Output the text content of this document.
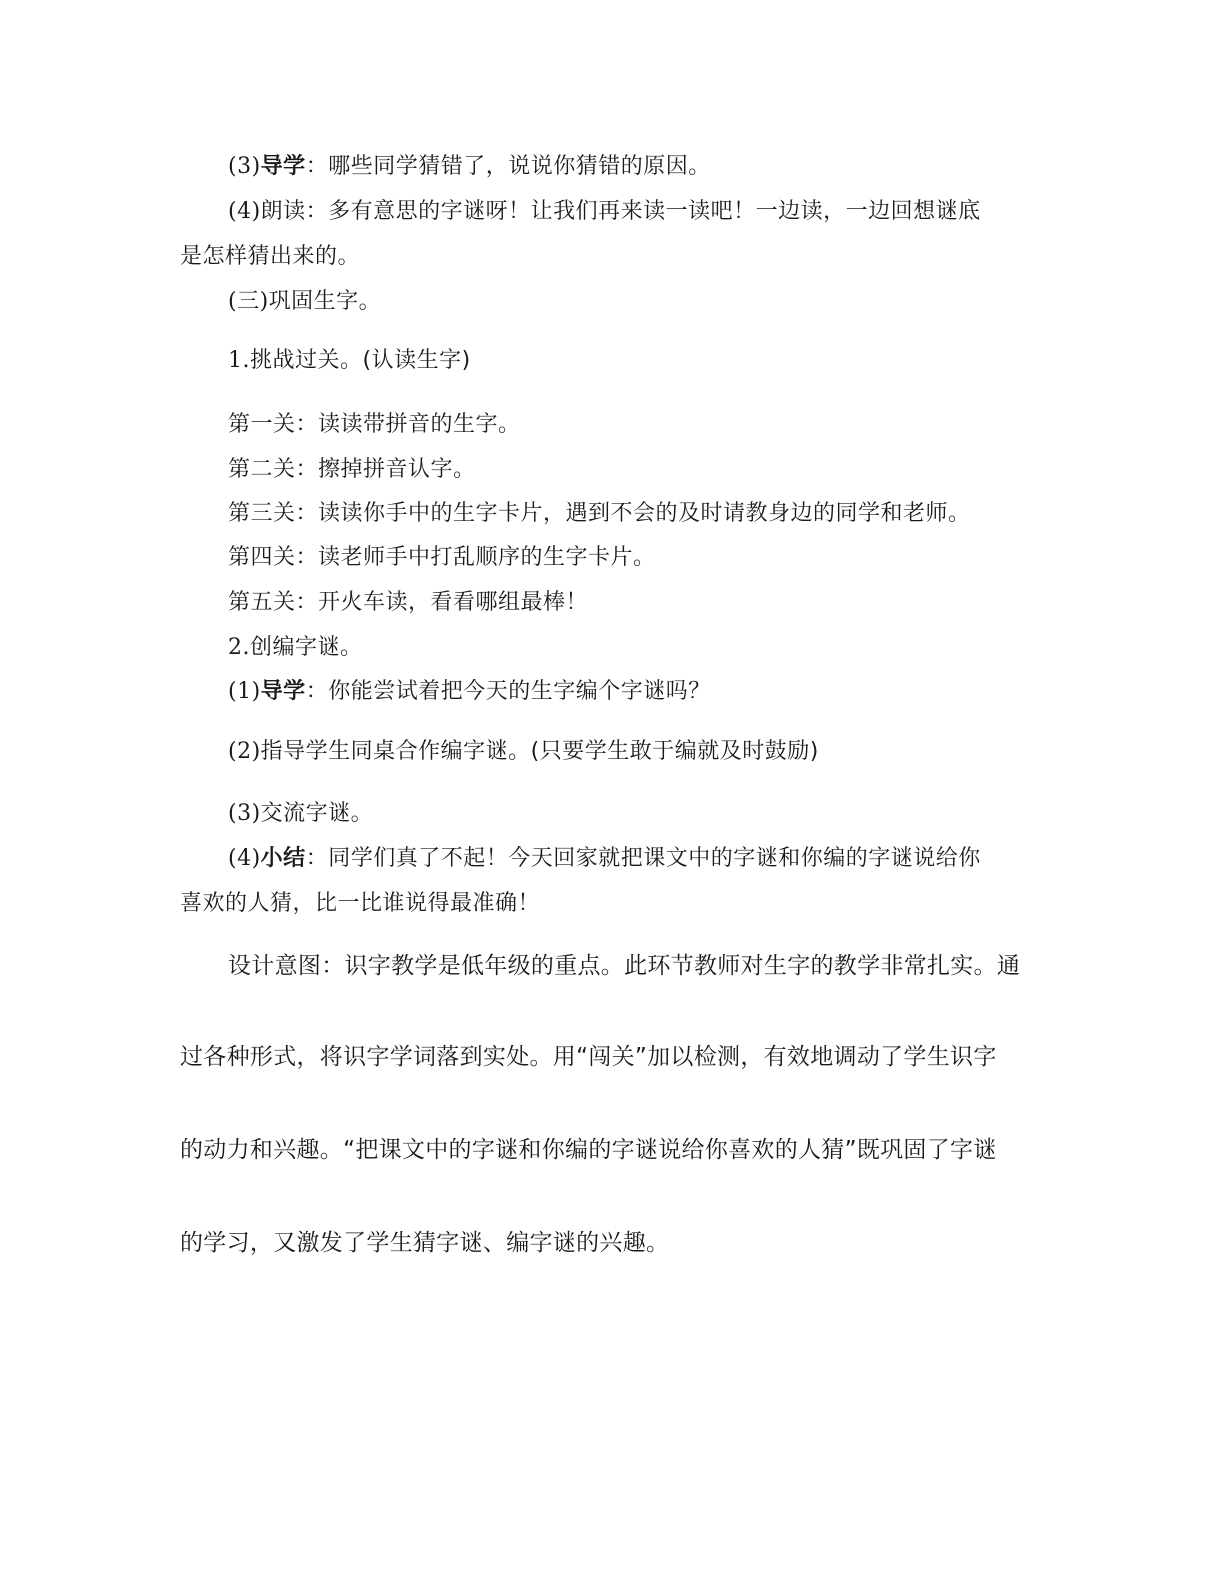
(3)导学：哪些同学猜错了，说说你猜错的原因。
(4)朗读：多有意思的字谜呀！让我们再来读一读吧！一边读，一边回想谜底
是怎样猜出来的。
(三)巩固生字。
1.挑战过关。(认读生字)
第一关：读读带拼音的生字。
第二关：擦掉拼音认字。
第三关：读读你手中的生字卡片，遇到不会的及时请教身边的同学和老师。
第四关：读老师手中打乱顺序的生字卡片。
第五关：开火车读，看看哪组最棒！
2.创编字谜。
(1)导学：你能尝试着把今天的生字编个字谜吗？
(2)指导学生同桌合作编字谜。(只要学生敢于编就及时鼓励)
(3)交流字谜。
(4)小结：同学们真了不起！今天回家就把课文中的字谜和你编的字谜说给你
喜欢的人猜，比一比谁说得最准确！
设计意图：识字教学是低年级的重点。此环节教师对生字的教学非常扎实。通
过各种形式，将识字学词落到实处。用“闯关”加以检测，有效地调动了学生识字
的动力和兴趣。“把课文中的字谜和你编的字谜说给你喜欢的人猜”既巩固了字谜
的学习，又激发了学生猜字谜、编字谜的兴趣。
